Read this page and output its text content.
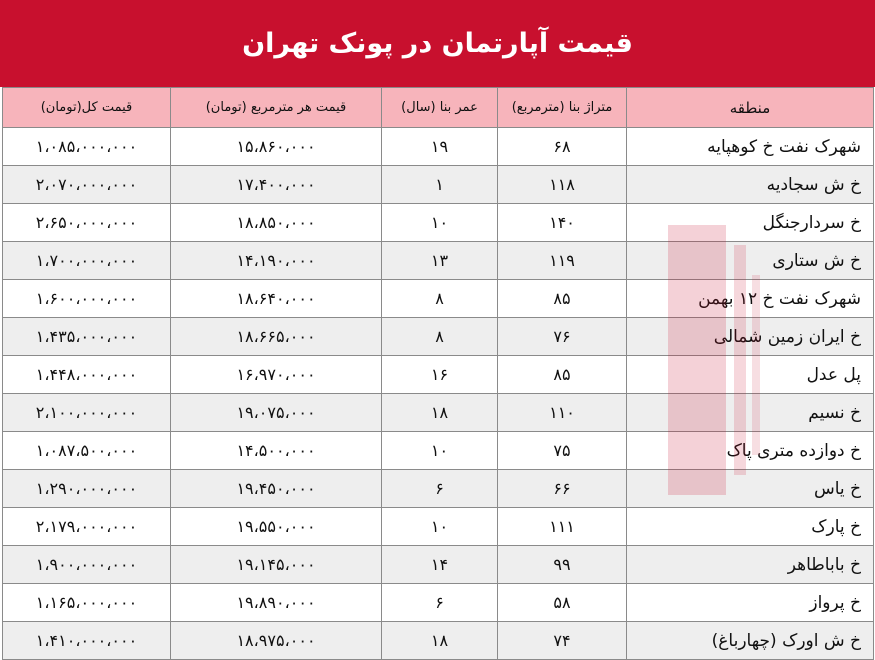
قیمت آپارتمان در پونک تهران
منطقه	متراژ بنا (مترمربع)	عمر بنا (سال)	قیمت هر مترمربع (تومان)	قیمت کل(تومان)
شهرک نفت خ کوهپایه	۶۸	۱۹	۱۵،۸۶۰،۰۰۰	۱،۰۸۵،۰۰۰،۰۰۰
خ ش سجادیه	۱۱۸	۱	۱۷،۴۰۰،۰۰۰	۲،۰۷۰،۰۰۰،۰۰۰
خ سردارجنگل	۱۴۰	۱۰	۱۸،۸۵۰،۰۰۰	۲،۶۵۰،۰۰۰،۰۰۰
خ ش ستاری	۱۱۹	۱۳	۱۴،۱۹۰،۰۰۰	۱،۷۰۰،۰۰۰،۰۰۰
شهرک نفت خ ۱۲ بهمن	۸۵	۸	۱۸،۶۴۰،۰۰۰	۱،۶۰۰،۰۰۰،۰۰۰
خ ایران زمین شمالی	۷۶	۸	۱۸،۶۶۵،۰۰۰	۱،۴۳۵،۰۰۰،۰۰۰
پل عدل	۸۵	۱۶	۱۶،۹۷۰،۰۰۰	۱،۴۴۸،۰۰۰،۰۰۰
خ نسیم	۱۱۰	۱۸	۱۹،۰۷۵،۰۰۰	۲،۱۰۰،۰۰۰،۰۰۰
خ دوازده متری پاک	۷۵	۱۰	۱۴،۵۰۰،۰۰۰	۱،۰۸۷،۵۰۰،۰۰۰
خ یاس	۶۶	۶	۱۹،۴۵۰،۰۰۰	۱،۲۹۰،۰۰۰،۰۰۰
خ پارک	۱۱۱	۱۰	۱۹،۵۵۰،۰۰۰	۲،۱۷۹،۰۰۰،۰۰۰
خ باباطاهر	۹۹	۱۴	۱۹،۱۴۵،۰۰۰	۱،۹۰۰،۰۰۰،۰۰۰
خ پرواز	۵۸	۶	۱۹،۸۹۰،۰۰۰	۱،۱۶۵،۰۰۰،۰۰۰
خ ش اورک (چهارباغ)	۷۴	۱۸	۱۸،۹۷۵،۰۰۰	۱،۴۱۰،۰۰۰،۰۰۰
